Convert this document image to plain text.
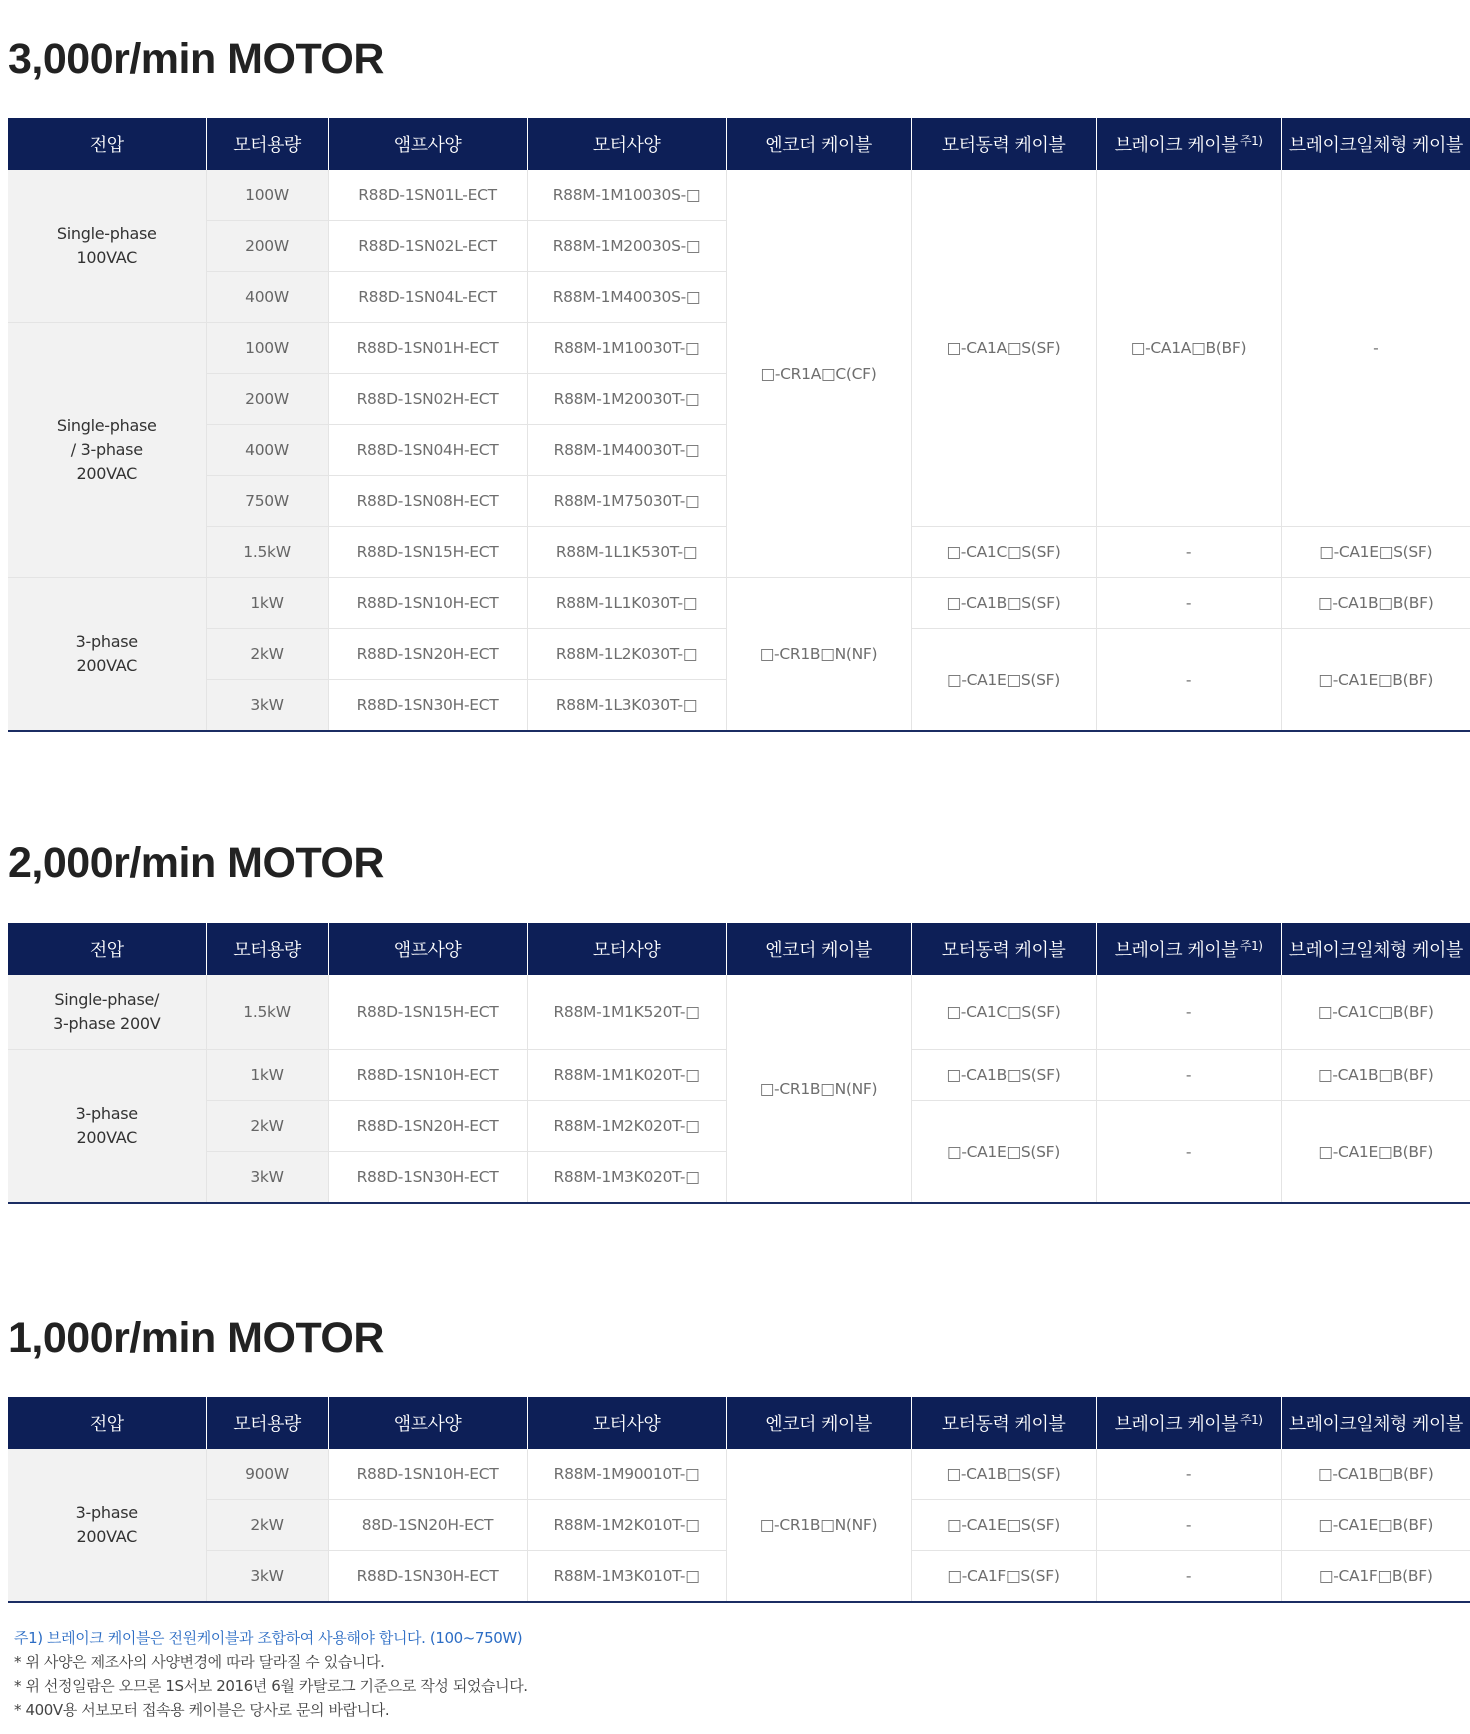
3,000r/min MOTOR
전압	모터용량	앰프사양	모터사양	엔코더 케이블	모터동력 케이블	브레이크 케이블 $^{주1)}$	브레이크일체형 케이블
Single-phase
100VAC	100W	R88D-1SN01L-ECT	R88M-1M10030S-□	□-CR1A□C(CF)	□-CA1A□S(SF)	□-CA1A□B(BF)	-
	200W	R88D-1SN02L-ECT	R88M-1M20030S-□				
	400W	R88D-1SN04L-ECT	R88M-1M40030S-□				
Single-phase
/ 3-phase
200VAC	100W	R88D-1SN01H-ECT	R88M-1M10030T-□				
	200W	R88D-1SN02H-ECT	R88M-1M20030T-□				
	400W	R88D-1SN04H-ECT	R88M-1M40030T-□				
	750W	R88D-1SN08H-ECT	R88M-1M75030T-□				
	1.5kW	R88D-1SN15H-ECT	R88M-1L1K530T-□		□-CA1C□S(SF)	-	□-CA1E□S(SF)
3-phase
200VAC	1kW	R88D-1SN10H-ECT	R88M-1L1K030T-□	□-CR1B□N(NF)	□-CA1B□S(SF)	-	□-CA1B□B(BF)
	2kW	R88D-1SN20H-ECT	R88M-1L2K030T-□		□-CA1E□S(SF)	-	□-CA1E□B(BF)
	3kW	R88D-1SN30H-ECT	R88M-1L3K030T-□				
2,000r/min MOTOR
전압	모터용량	앰프사양	모터사양	엔코더 케이블	모터동력 케이블	브레이크 케이블 $^{주1)}$	브레이크일체형 케이블
Single-phase/
3-phase 200V	1.5kW	R88D-1SN15H-ECT	R88M-1M1K520T-□	□-CR1B□N(NF)	□-CA1C□S(SF)	-	□-CA1C□B(BF)
3-phase
200VAC	1kW	R88D-1SN10H-ECT	R88M-1M1K020T-□		□-CA1B□S(SF)	-	□-CA1B□B(BF)
	2kW	R88D-1SN20H-ECT	R88M-1M2K020T-□		□-CA1E□S(SF)	-	□-CA1E□B(BF)
	3kW	R88D-1SN30H-ECT	R88M-1M3K020T-□				
1,000r/min MOTOR
전압	모터용량	앰프사양	모터사양	엔코더 케이블	모터동력 케이블	브레이크 케이블 $^{주1)}$	브레이크일체형 케이블
3-phase
200VAC	900W	R88D-1SN10H-ECT	R88M-1M90010T-□	□-CR1B□N(NF)	□-CA1B□S(SF)	-	□-CA1B□B(BF)
	2kW	88D-1SN20H-ECT	R88M-1M2K010T-□		□-CA1E□S(SF)	-	□-CA1E□B(BF)
	3kW	R88D-1SN30H-ECT	R88M-1M3K010T-□		□-CA1F□S(SF)	-	□-CA1F□B(BF)
주1) 브레이크 케이블은 전원케이블과 조합하여 사용해야 합니다. (100~750W)
* 위 사양은 제조사의 사양변경에 따라 달라질 수 있습니다.
* 위 선정일람은 오므론 1S서보 2016년 6월 카탈로그 기준으로 작성 되었습니다.
* 400V용 서보모터 접속용 케이블은 당사로 문의 바랍니다.
